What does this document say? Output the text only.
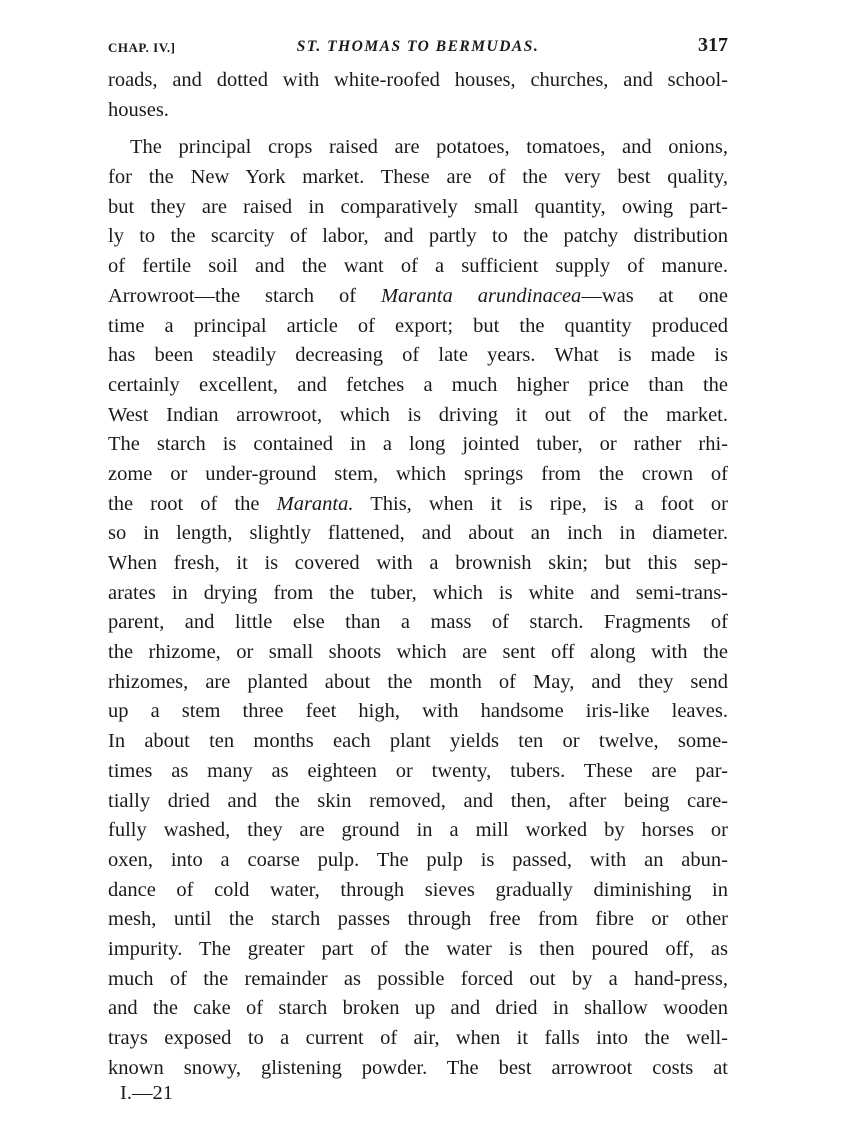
CHAP. IV.]	ST. THOMAS TO BERMUDAS.	317
roads, and dotted with white-roofed houses, churches, and school-
houses.
The principal crops raised are potatoes, tomatoes, and onions,
for the New York market. These are of the very best quality,
but they are raised in comparatively small quantity, owing part-
ly to the scarcity of labor, and partly to the patchy distribution
of fertile soil and the want of a sufficient supply of manure.
Arrowroot—the starch of Maranta arundinacea—was at one
time a principal article of export; but the quantity produced
has been steadily decreasing of late years. What is made is
certainly excellent, and fetches a much higher price than the
West Indian arrowroot, which is driving it out of the market.
The starch is contained in a long jointed tuber, or rather rhi-
zome or under-ground stem, which springs from the crown of
the root of the Maranta. This, when it is ripe, is a foot or
so in length, slightly flattened, and about an inch in diameter.
When fresh, it is covered with a brownish skin; but this sep-
arates in drying from the tuber, which is white and semi-trans-
parent, and little else than a mass of starch. Fragments of
the rhizome, or small shoots which are sent off along with the
rhizomes, are planted about the month of May, and they send
up a stem three feet high, with handsome iris-like leaves.
In about ten months each plant yields ten or twelve, some-
times as many as eighteen or twenty, tubers. These are par-
tially dried and the skin removed, and then, after being care-
fully washed, they are ground in a mill worked by horses or
oxen, into a coarse pulp. The pulp is passed, with an abun-
dance of cold water, through sieves gradually diminishing in
mesh, until the starch passes through free from fibre or other
impurity. The greater part of the water is then poured off, as
much of the remainder as possible forced out by a hand-press,
and the cake of starch broken up and dried in shallow wooden
trays exposed to a current of air, when it falls into the well-
known snowy, glistening powder. The best arrowroot costs at
I.—21
